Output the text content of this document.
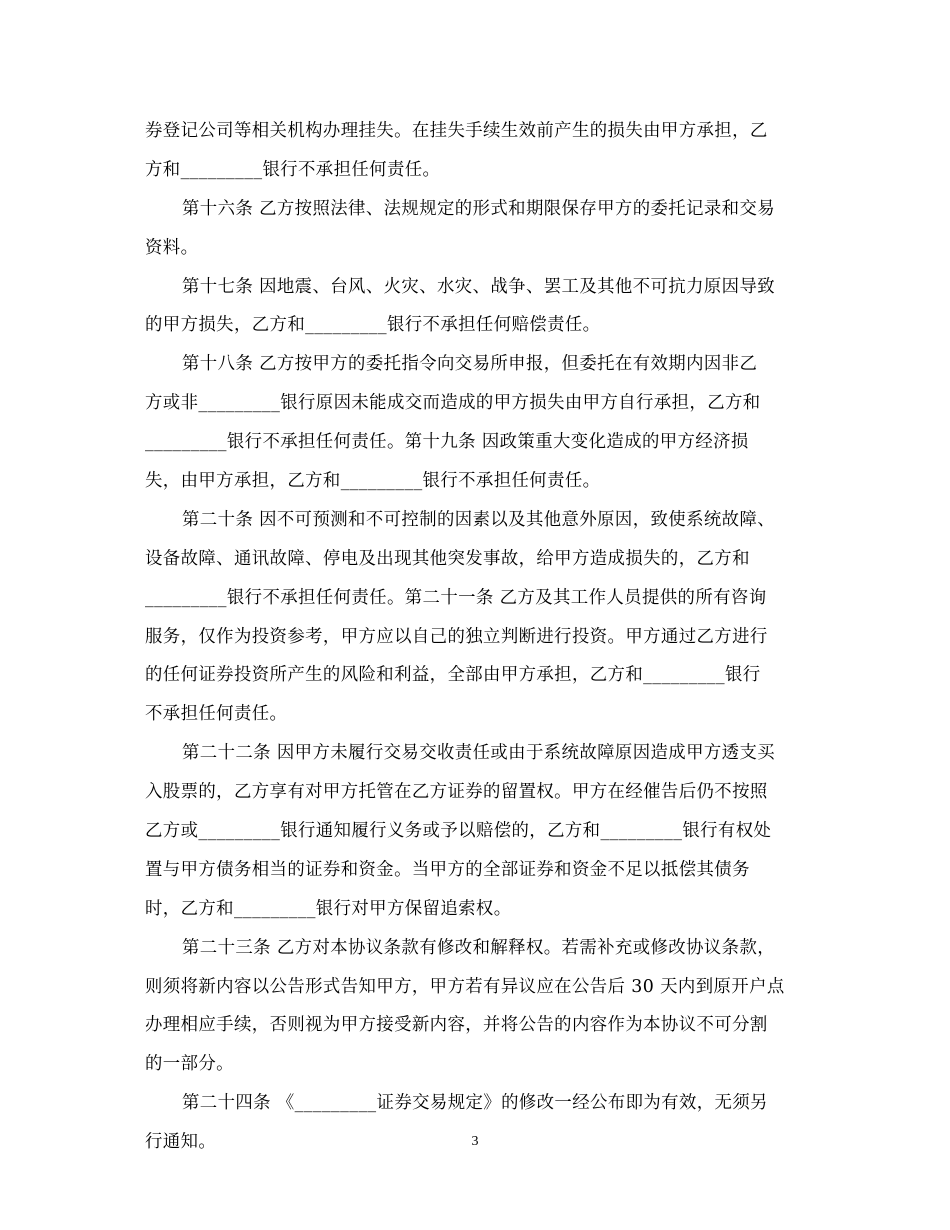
券登记公司等相关机构办理挂失。在挂失手续生效前产生的损失由甲方承担，乙
方和_________银行不承担任何责任。
第十六条 乙方按照法律、法规规定的形式和期限保存甲方的委托记录和交易
资料。
第十七条 因地震、台风、火灾、水灾、战争、罢工及其他不可抗力原因导致
的甲方损失，乙方和_________银行不承担任何赔偿责任。
第十八条 乙方按甲方的委托指令向交易所申报，但委托在有效期内因非乙
方或非_________银行原因未能成交而造成的甲方损失由甲方自行承担，乙方和
_________银行不承担任何责任。第十九条 因政策重大变化造成的甲方经济损
失，由甲方承担，乙方和_________银行不承担任何责任。
第二十条 因不可预测和不可控制的因素以及其他意外原因，致使系统故障、
设备故障、通讯故障、停电及出现其他突发事故，给甲方造成损失的，乙方和
_________银行不承担任何责任。第二十一条 乙方及其工作人员提供的所有咨询
服务，仅作为投资参考，甲方应以自己的独立判断进行投资。甲方通过乙方进行
的任何证券投资所产生的风险和利益，全部由甲方承担，乙方和_________银行
不承担任何责任。
第二十二条 因甲方未履行交易交收责任或由于系统故障原因造成甲方透支买
入股票的，乙方享有对甲方托管在乙方证券的留置权。甲方在经催告后仍不按照
乙方或_________银行通知履行义务或予以赔偿的，乙方和_________银行有权处
置与甲方债务相当的证券和资金。当甲方的全部证券和资金不足以抵偿其债务
时，乙方和_________银行对甲方保留追索权。
第二十三条 乙方对本协议条款有修改和解释权。若需补充或修改协议条款，
则须将新内容以公告形式告知甲方，甲方若有异议应在公告后 30 天内到原开户点
办理相应手续，否则视为甲方接受新内容，并将公告的内容作为本协议不可分割
的一部分。
第二十四条 《_________证券交易规定》的修改一经公布即为有效，无须另
行通知。	3
